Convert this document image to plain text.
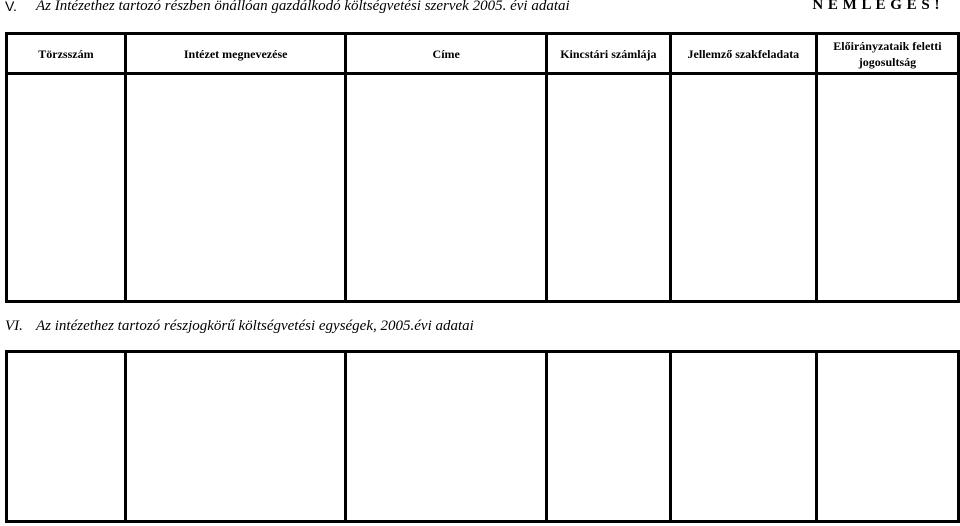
V. Az Intézethez tartozó részben önállóan gazdálkodó költségvetési szervek 2005. évi adatai	N E M L E G E S !
Törzsszám	Intézet megnevezése	Címe	Kincstári számlája	Jellemző szakfeladata	Előirányzataik feletti jogosultság

VI. Az intézethez tartozó részjogkörű költségvetési egységek, 2005.évi adatai
